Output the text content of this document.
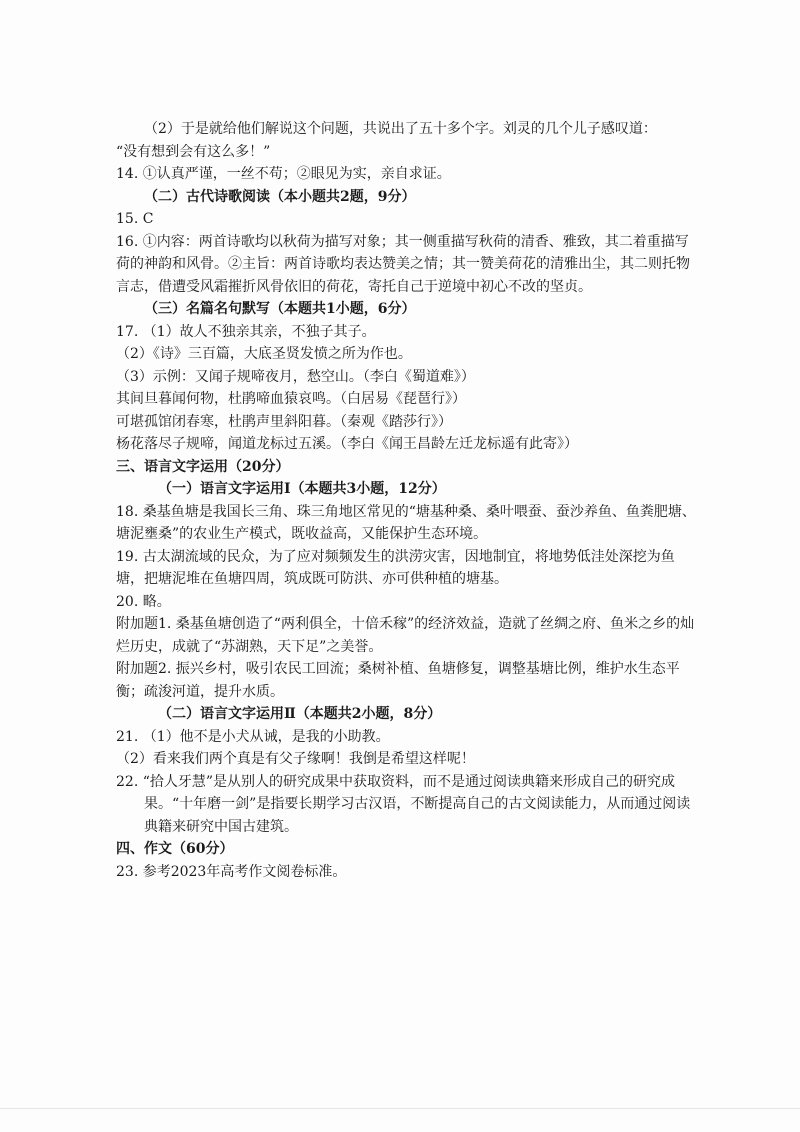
（2）于是就给他们解说这个问题，共说出了五十多个字。刘灵的几个儿子感叹道：

“没有想到会有这么多！”

14. ①认真严谨，一丝不苟；②眼见为实，亲自求证。

（二）古代诗歌阅读（本小题共2题，9分）

15. C

16. ①内容：两首诗歌均以秋荷为描写对象；其一侧重描写秋荷的清香、雅致，其二着重描写荷的神韵和风骨。②主旨：两首诗歌均表达赞美之情；其一赞美荷花的清雅出尘，其二则托物言志，借遭受风霜摧折风骨依旧的荷花，寄托自己于逆境中初心不改的坚贞。

（三）名篇名句默写（本题共1小题，6分）

17. （1）故人不独亲其亲，不独子其子。

（2）《诗》三百篇，大底圣贤发愤之所为作也。

（3）示例：又闻子规啼夜月，愁空山。（李白《蜀道难》）

其间旦暮闻何物，杜鹃啼血猿哀鸣。（白居易《琵琶行》）

可堪孤馆闭春寒，杜鹃声里斜阳暮。（秦观《踏莎行》）

杨花落尽子规啼，闻道龙标过五溪。（李白《闻王昌龄左迁龙标遥有此寄》）

三、语言文字运用（20分）

（一）语言文字运用Ⅰ（本题共3小题，12分）

18. 桑基鱼塘是我国长三角、珠三角地区常见的“塘基种桑、桑叶喂蚕、蚕沙养鱼、鱼粪肥塘、塘泥壅桑”的农业生产模式，既收益高，又能保护生态环境。

19. 古太湖流域的民众，为了应对频频发生的洪涝灾害，因地制宜，将地势低洼处深挖为鱼塘，把塘泥堆在鱼塘四周，筑成既可防洪、亦可供种植的塘基。

20. 略。

附加题1. 桑基鱼塘创造了“两利俱全，十倍禾稼”的经济效益，造就了丝绸之府、鱼米之乡的灿烂历史，成就了“苏湖熟，天下足”之美誉。

附加题2. 振兴乡村，吸引农民工回流；桑树补植、鱼塘修复，调整基塘比例，维护水生态平衡；疏浚河道，提升水质。

（二）语言文字运用Ⅱ（本题共2小题，8分）

21. （1）他不是小犬从诫，是我的小助教。

（2）看来我们两个真是有父子缘啊！我倒是希望这样呢！

22. “拾人牙慧”是从别人的研究成果中获取资料，而不是通过阅读典籍来形成自己的研究成果。“十年磨一剑”是指要长期学习古汉语，不断提高自己的古文阅读能力，从而通过阅读典籍来研究中国古建筑。

四、作文（60分）

23. 参考2023年高考作文阅卷标准。
